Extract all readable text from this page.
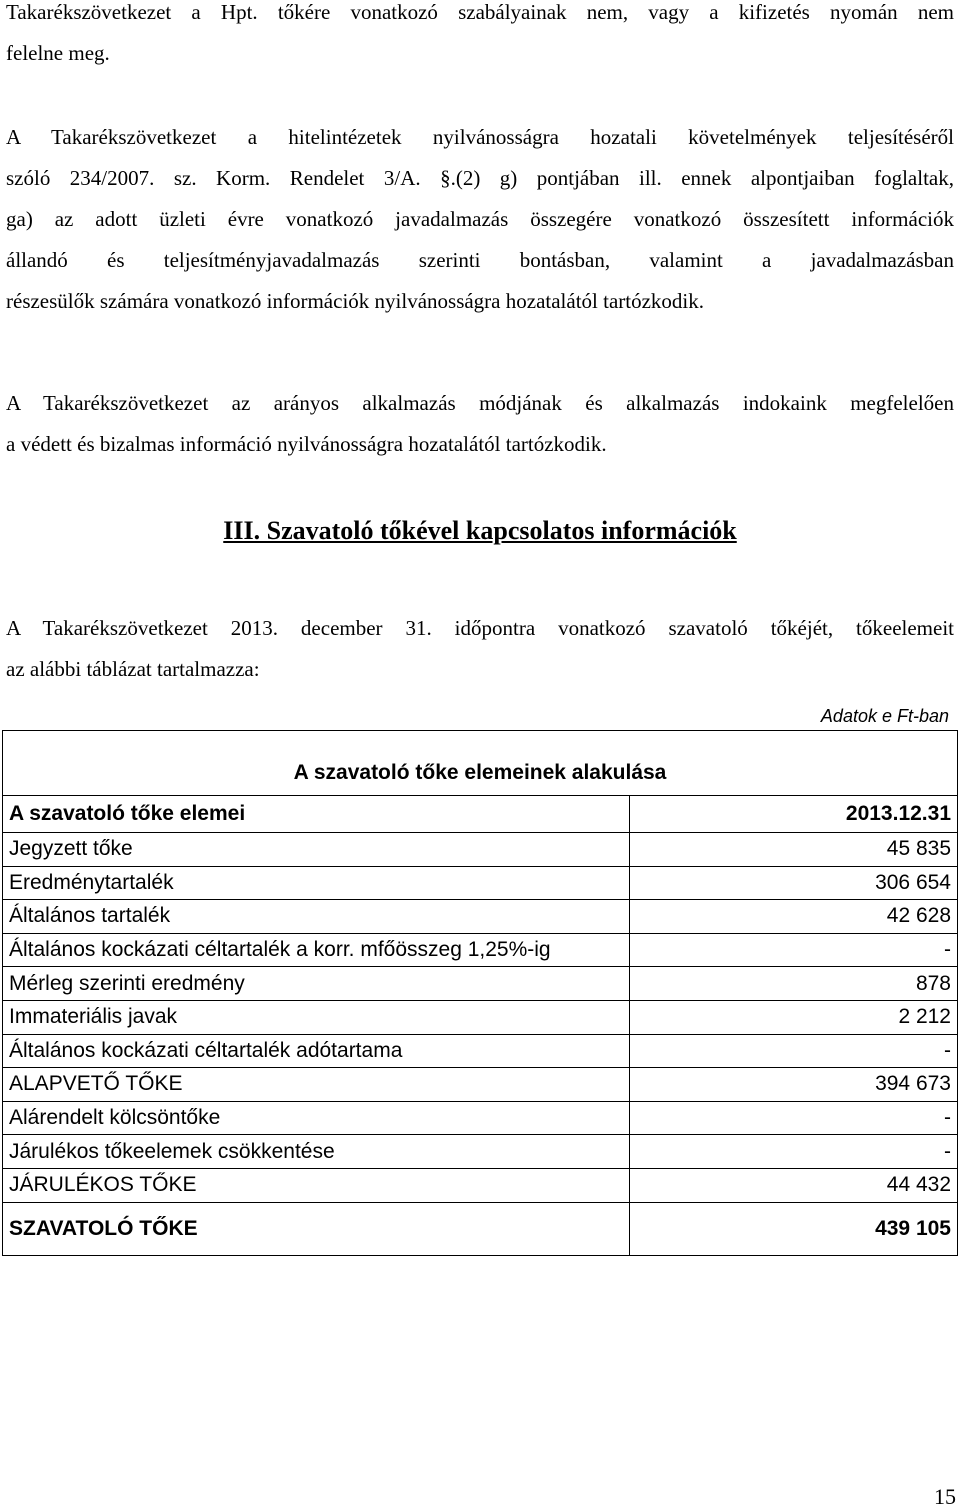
Takarékszövetkezet a Hpt. tőkére vonatkozó szabályainak nem, vagy a kifizetés nyomán nem
felelne meg.
A Takarékszövetkezet a hitelintézetek nyilvánosságra hozatali követelmények teljesítéséről
szóló 234/2007. sz. Korm. Rendelet 3/A. §.(2) g) pontjában ill. ennek alpontjaiban foglaltak,
ga) az adott üzleti évre vonatkozó javadalmazás összegére vonatkozó összesített információk
állandó és teljesítményjavadalmazás szerinti bontásban, valamint a javadalmazásban
részesülők számára vonatkozó információk nyilvánosságra hozatalától tartózkodik.
A Takarékszövetkezet az arányos alkalmazás módjának és alkalmazás indokaink megfelelően
a védett és bizalmas információ nyilvánosságra hozatalától tartózkodik.
III. Szavatoló tőkével kapcsolatos információk
A Takarékszövetkezet 2013. december 31. időpontra vonatkozó szavatoló tőkéjét, tőkeelemeit
az alábbi táblázat tartalmazza:
Adatok e Ft-ban
A szavatoló tőke elemeinek alakulása	
A szavatoló tőke elemei	2013.12.31
Jegyzett tőke	45 835
Eredménytartalék	306 654
Általános tartalék	42 628
Általános kockázati céltartalék a korr. mfőösszeg 1,25%-ig	-
Mérleg szerinti eredmény	878
Immateriális javak	2 212
Általános kockázati céltartalék adótartama	-
ALAPVETŐ TŐKE	394 673
Alárendelt kölcsöntőke	-
Járulékos tőkeelemek csökkentése	-
JÁRULÉKOS TŐKE	44 432
SZAVATOLÓ TŐKE	439 105
15
